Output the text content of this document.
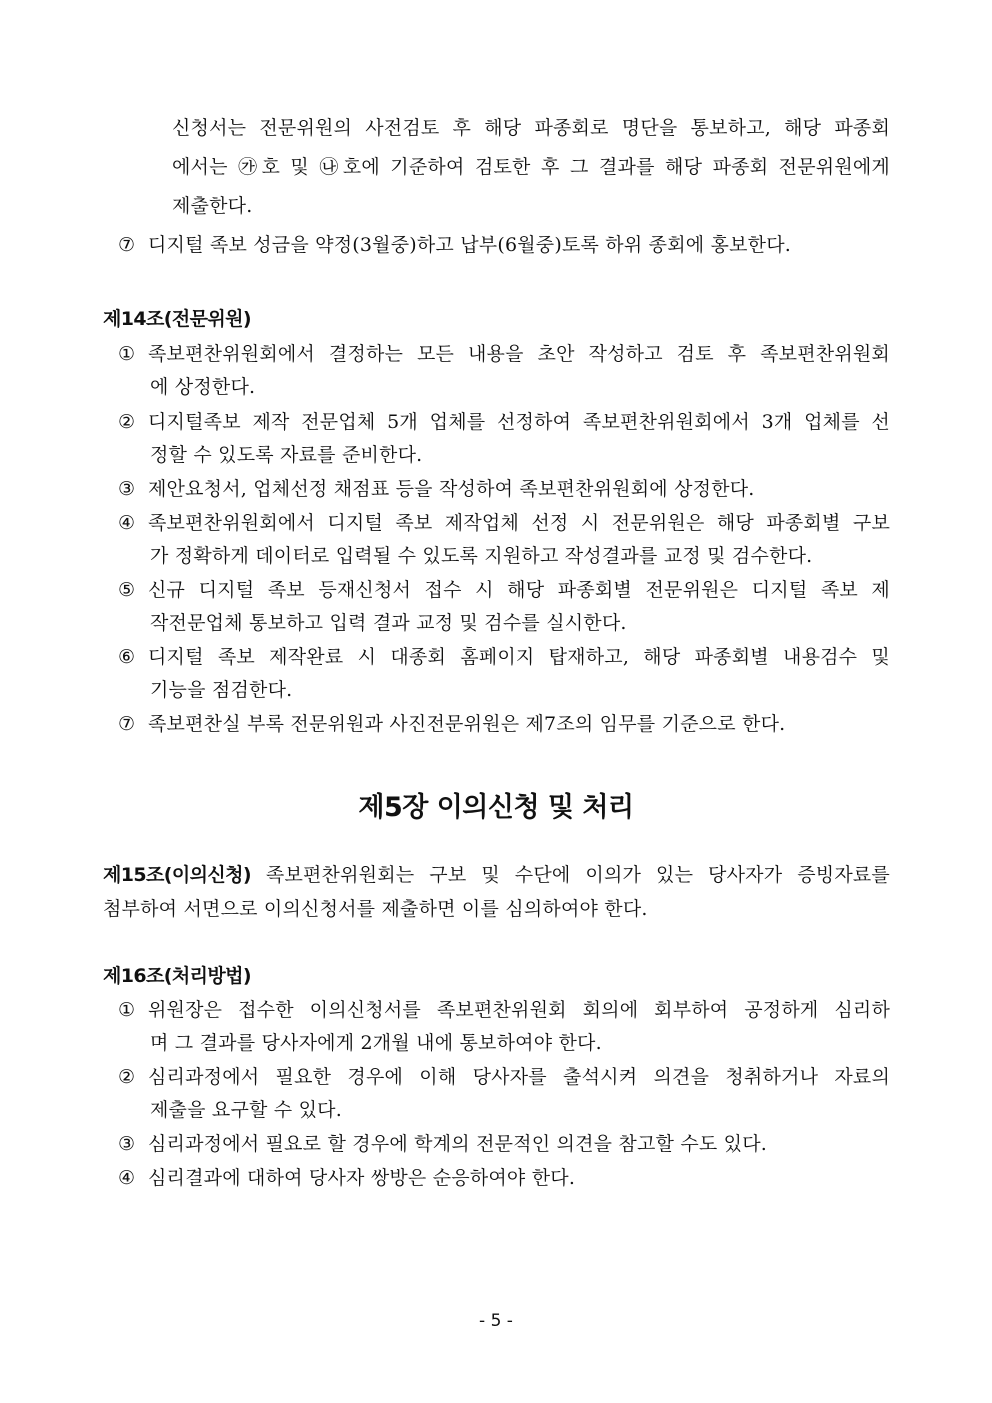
신청서는 전문위원의 사전검토 후 해당 파종회로 명단을 통보하고, 해당 파종회
에서는 ㉮호 및 ㉯호에 기준하여 검토한 후 그 결과를 해당 파종회 전문위원에게
제출한다.
⑦ 디지털 족보 성금을 약정(3월중)하고 납부(6월중)토록 하위 종회에 홍보한다.
제14조(전문위원)
① 족보편찬위원회에서 결정하는 모든 내용을 초안 작성하고 검토 후 족보편찬위원회
에 상정한다.
② 디지털족보 제작 전문업체 5개 업체를 선정하여 족보편찬위원회에서 3개 업체를 선
정할 수 있도록 자료를 준비한다.
③ 제안요청서, 업체선정 채점표 등을 작성하여 족보편찬위원회에 상정한다.
④ 족보편찬위원회에서 디지털 족보 제작업체 선정 시 전문위원은 해당 파종회별 구보
가 정확하게 데이터로 입력될 수 있도록 지원하고 작성결과를 교정 및 검수한다.
⑤ 신규 디지털 족보 등재신청서 접수 시 해당 파종회별 전문위원은 디지털 족보 제
작전문업체 통보하고 입력 결과 교정 및 검수를 실시한다.
⑥ 디지털 족보 제작완료 시 대종회 홈페이지 탑재하고, 해당 파종회별 내용검수 및
기능을 점검한다.
⑦ 족보편찬실 부록 전문위원과 사진전문위원은 제7조의 임무를 기준으로 한다.
제5장 이의신청 및 처리
제15조(이의신청) 족보편찬위원회는 구보 및 수단에 이의가 있는 당사자가 증빙자료를
첨부하여 서면으로 이의신청서를 제출하면 이를 심의하여야 한다.
제16조(처리방법)
① 위원장은 접수한 이의신청서를 족보편찬위원회 회의에 회부하여 공정하게 심리하
며 그 결과를 당사자에게 2개월 내에 통보하여야 한다.
② 심리과정에서 필요한 경우에 이해 당사자를 출석시켜 의견을 청취하거나 자료의
제출을 요구할 수 있다.
③ 심리과정에서 필요로 할 경우에 학계의 전문적인 의견을 참고할 수도 있다.
④ 심리결과에 대하여 당사자 쌍방은 순응하여야 한다.
- 5 -
